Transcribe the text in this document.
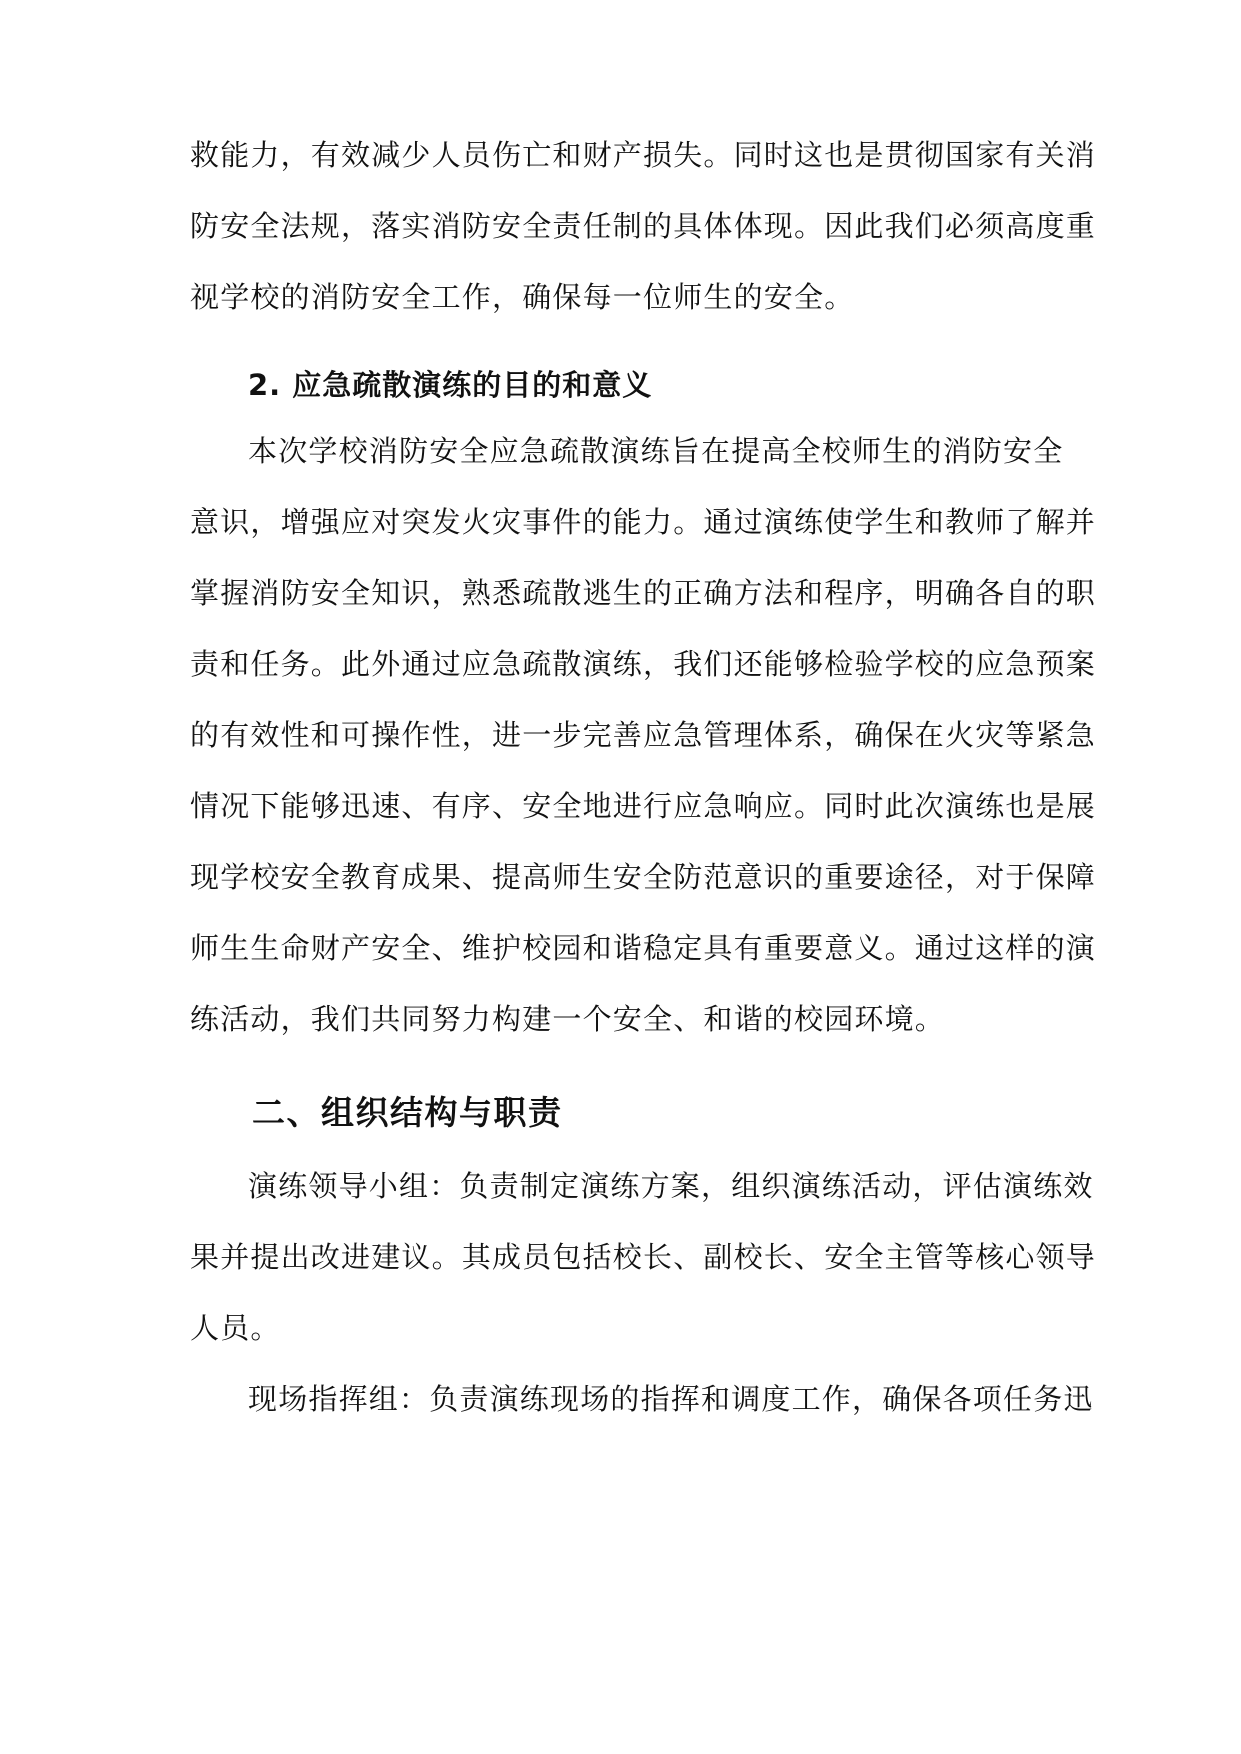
救能力，有效减少人员伤亡和财产损失。同时这也是贯彻国家有关消
防安全法规，落实消防安全责任制的具体体现。因此我们必须高度重
视学校的消防安全工作，确保每一位师生的安全。
2. 应急疏散演练的目的和意义
本次学校消防安全应急疏散演练旨在提高全校师生的消防安全
意识，增强应对突发火灾事件的能力。通过演练使学生和教师了解并
掌握消防安全知识，熟悉疏散逃生的正确方法和程序，明确各自的职
责和任务。此外通过应急疏散演练，我们还能够检验学校的应急预案
的有效性和可操作性，进一步完善应急管理体系，确保在火灾等紧急
情况下能够迅速、有序、安全地进行应急响应。同时此次演练也是展
现学校安全教育成果、提高师生安全防范意识的重要途径，对于保障
师生生命财产安全、维护校园和谐稳定具有重要意义。通过这样的演
练活动，我们共同努力构建一个安全、和谐的校园环境。
二、组织结构与职责
演练领导小组：负责制定演练方案，组织演练活动，评估演练效
果并提出改进建议。其成员包括校长、副校长、安全主管等核心领导
人员。
现场指挥组：负责演练现场的指挥和调度工作，确保各项任务迅
